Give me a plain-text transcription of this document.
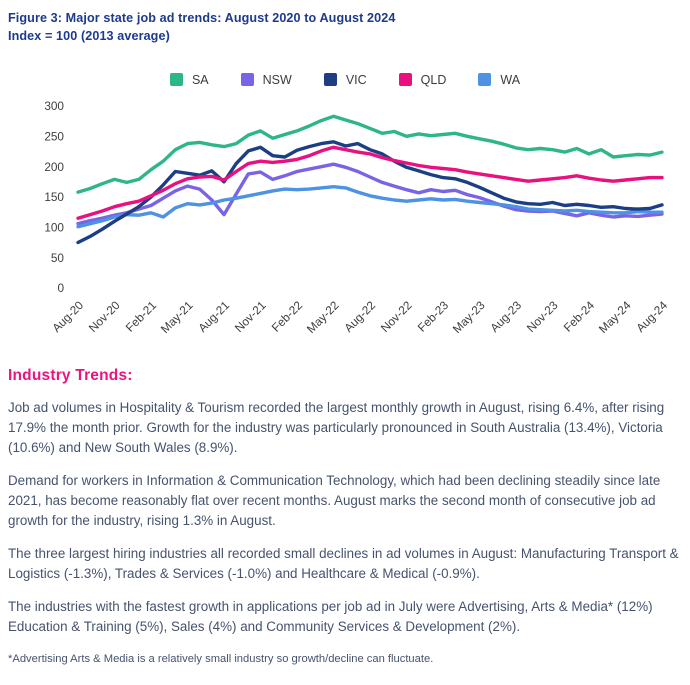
Figure 3: Major state job ad trends: August 2020 to August 2024
Index = 100 (2013 average)
SA	NSW	VIC	QLD	WA
0
50
100
150
200
250
300
Aug-20 Nov-20 Feb-21
May-21 Aug-21 Nov-21 Feb-22
May-22 Aug-22 Nov-22 Feb-23
May-23 Aug-23 Nov-23 Feb-24
May-24 Aug-24
Industry Trends:

Job ad volumes in Hospitality & Tourism recorded the largest monthly growth in August, rising 6.4%, after rising 17.9% the month prior. Growth for the industry was particularly pronounced in South Australia (13.4%), Victoria (10.6%) and New South Wales (8.9%).

Demand for workers in Information & Communication Technology, which had been declining steadily since late 2021, has become reasonably flat over recent months. August marks the second month of consecutive job ad growth for the industry, rising 1.3% in August.

The three largest hiring industries all recorded small declines in ad volumes in August: Manufacturing Transport & Logistics (-1.3%), Trades & Services (-1.0%) and Healthcare & Medical (-0.9%).

The industries with the fastest growth in applications per job ad in July were Advertising, Arts & Media* (12%) Education & Training (5%), Sales (4%) and Community Services & Development (2%).

*Advertising Arts & Media is a relatively small industry so growth/decline can fluctuate.
